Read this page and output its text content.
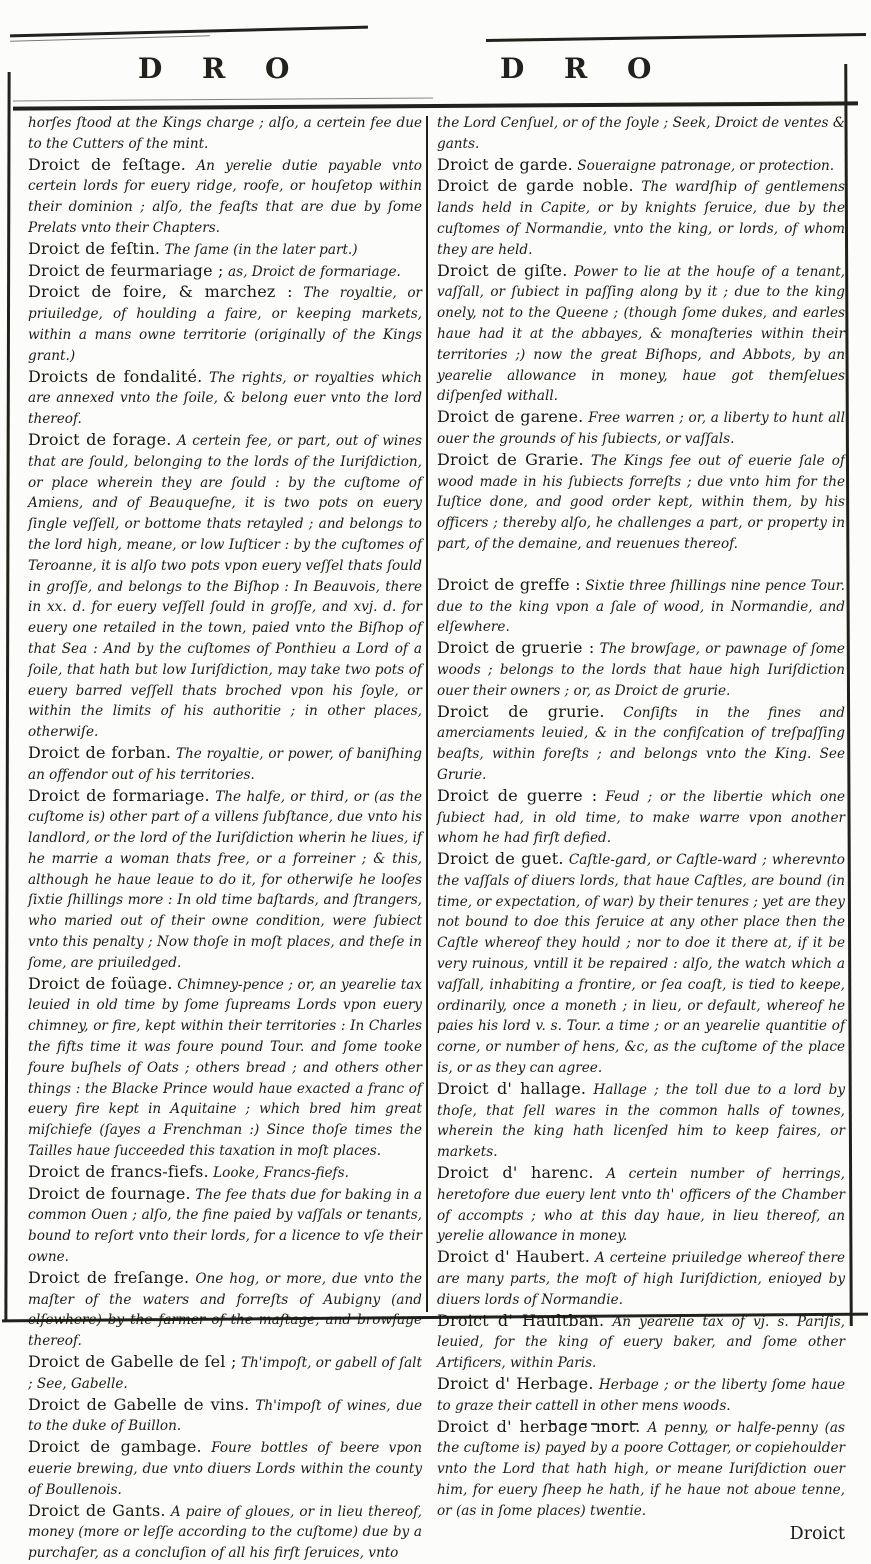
D R O	D R O

horſes ſtood at the Kings charge ; alſo, a certein fee due to the Cutters of the mint.

Droict de feſtage. An yerelie dutie payable vnto certein lords for euery ridge, roofe, or houſetop within their dominion ; alſo, the feaſts that are due by ſome Prelats vnto their Chapters.

Droict de feſtin. The ſame (in the later part.)

Droict de feurmariage ; as, Droict de formariage.

Droict de foire, & marchez : The royaltie, or priuiledge, of houlding a faire, or keeping markets, within a mans owne territorie (originally of the Kings grant.)

Droicts de fondalité. The rights, or royalties which are annexed vnto the ſoile, & belong euer vnto the lord thereof.

Droict de forage. A certein fee, or part, out of wines that are ſould, belonging to the lords of the Iuriſdiction, or place wherein they are ſould : by the cuſtome of Amiens, and of Beauqueſne, it is two pots on euery ſingle veſſell, or bottome thats retayled ; and belongs to the lord high, meane, or low Iuſticer : by the cuſtomes of Teroanne, it is alſo two pots vpon euery veſſel thats ſould in groſſe, and belongs to the Biſhop : In Beauvois, there in xx. d. for euery veſſell ſould in groſſe, and xvj. d. for euery one retailed in the town, paied vnto the Biſhop of that Sea : And by the cuſtomes of Ponthieu a Lord of a ſoile, that hath but low Iuriſdiction, may take two pots of euery barred veſſell thats broched vpon his ſoyle, or within the limits of his authoritie ; in other places, otherwiſe.

Droict de forban. The royaltie, or power, of baniſhing an offendor out of his territories.

Droict de formariage. The halfe, or third, or (as the cuſtome is) other part of a villens ſubſtance, due vnto his landlord, or the lord of the Iuriſdiction wherin he liues, if he marrie a woman thats free, or a forreiner ; & this, although he haue leaue to do it, for otherwiſe he looſes ſixtie ſhillings more : In old time baſtards, and ſtrangers, who maried out of their owne condition, were ſubiect vnto this penalty ; Now thoſe in moſt places, and theſe in ſome, are priuiledged.

Droict de foüage. Chimney-pence ; or, an yearelie tax leuied in old time by ſome ſupreams Lords vpon euery chimney, or fire, kept within their territories : In Charles the fifts time it was foure pound Tour. and ſome tooke foure buſhels of Oats ; others bread ; and others other things : the Blacke Prince would haue exacted a franc of euery fire kept in Aquitaine ; which bred him great miſchiefe (ſayes a Frenchman :) Since thoſe times the Tailles haue ſucceeded this taxation in moſt places.

Droict de francs-fiefs. Looke, Francs-fiefs.

Droict de fournage. The fee thats due for baking in a common Ouen ; alſo, the fine paied by vaſſals or tenants, bound to reſort vnto their lords, for a licence to vſe their owne.

Droict de freſange. One hog, or more, due vnto the maſter of the waters and forreſts of Aubigny (and elſewhere) by the farmer of the maſtage, and browſage thereof.

Droict de Gabelle de ſel ; Th'impoſt, or gabell of ſalt ; See, Gabelle.

Droict de Gabelle de vins. Th'impoſt of wines, due to the duke of Buillon.

Droict de gambage. Foure bottles of beere vpon euerie brewing, due vnto diuers Lords within the county of Boullenois.

Droict de Gants. A paire of gloues, or in lieu thereof, money (more or leſſe according to the cuſtome) due by a purchaſer, as a concluſion of all his firſt ſeruices, vnto

the Lord Cenſuel, or of the ſoyle ; Seek, Droict de ventes & gants.

Droict de garde. Soueraigne patronage, or protection.

Droict de garde noble. The wardſhip of gentlemens lands held in Capite, or by knights ſeruice, due by the cuſtomes of Normandie, vnto the king, or lords, of whom they are held.

Droict de giſte. Power to lie at the houſe of a tenant, vaſſall, or ſubiect in paſſing along by it ; due to the king onely, not to the Queene ; (though ſome dukes, and earles haue had it at the abbayes, & monaſteries within their territories ;) now the great Biſhops, and Abbots, by an yearelie allowance in money, haue got themſelues diſpenſed withall.

Droict de garene. Free warren ; or, a liberty to hunt all ouer the grounds of his ſubiects, or vaſſals.

Droict de Grarie. The Kings fee out of euerie ſale of wood made in his ſubiects forreſts ; due vnto him for the Iuſtice done, and good order kept, within them, by his officers ; thereby alſo, he challenges a part, or property in part, of the demaine, and reuenues thereof.

Droict de greffe : Sixtie three ſhillings nine pence Tour. due to the king vpon a ſale of wood, in Normandie, and elſewhere.

Droict de gruerie : The browſage, or pawnage of ſome woods ; belongs to the lords that haue high Iuriſdiction ouer their owners ; or, as Droict de grurie.

Droict de grurie. Conſiſts in the fines and amerciaments leuied, & in the confiſcation of treſpaſſing beaſts, within foreſts ; and belongs vnto the King. See Grurie.

Droict de guerre : Feud ; or the libertie which one ſubiect had, in old time, to make warre vpon another whom he had firſt defied.

Droict de guet. Caſtle-gard, or Caſtle-ward ; wherevnto the vaſſals of diuers lords, that haue Caſtles, are bound (in time, or expectation, of war) by their tenures ; yet are they not bound to doe this ſeruice at any other place then the Caſtle whereof they hould ; nor to doe it there at, if it be very ruinous, vntill it be repaired : alſo, the watch which a vaſſall, inhabiting a frontire, or ſea coaſt, is tied to keepe, ordinarily, once a moneth ; in lieu, or default, whereof he paies his lord v. s. Tour. a time ; or an yearelie quantitie of corne, or number of hens, &c, as the cuſtome of the place is, or as they can agree.

Droict d' hallage. Hallage ; the toll due to a lord by thoſe, that ſell wares in the common halls of townes, wherein the king hath licenſed him to keep faires, or markets.

Droict d' harenc. A certein number of herrings, heretofore due euery lent vnto th' officers of the Chamber of accompts ; who at this day haue, in lieu thereof, an yerelie allowance in money.

Droict d' Haubert. A certeine priuiledge whereof there are many parts, the moſt of high Iuriſdiction, enioyed by diuers lords of Normandie.

Droict d' Haultban. An yearelie tax of vj. s. Pariſis, leuied, for the king of euery baker, and ſome other Artificers, within Paris.

Droict d' Herbage. Herbage ; or the liberty ſome haue to graze their cattell in other mens woods.

Droict d' herbage mort. A penny, or halfe-penny (as the cuſtome is) payed by a poore Cottager, or copiehoulder vnto the Lord that hath high, or meane Iuriſdiction ouer him, for euery ſheep he hath, if he haue not aboue tenne, or (as in ſome places) twentie.

Droict
